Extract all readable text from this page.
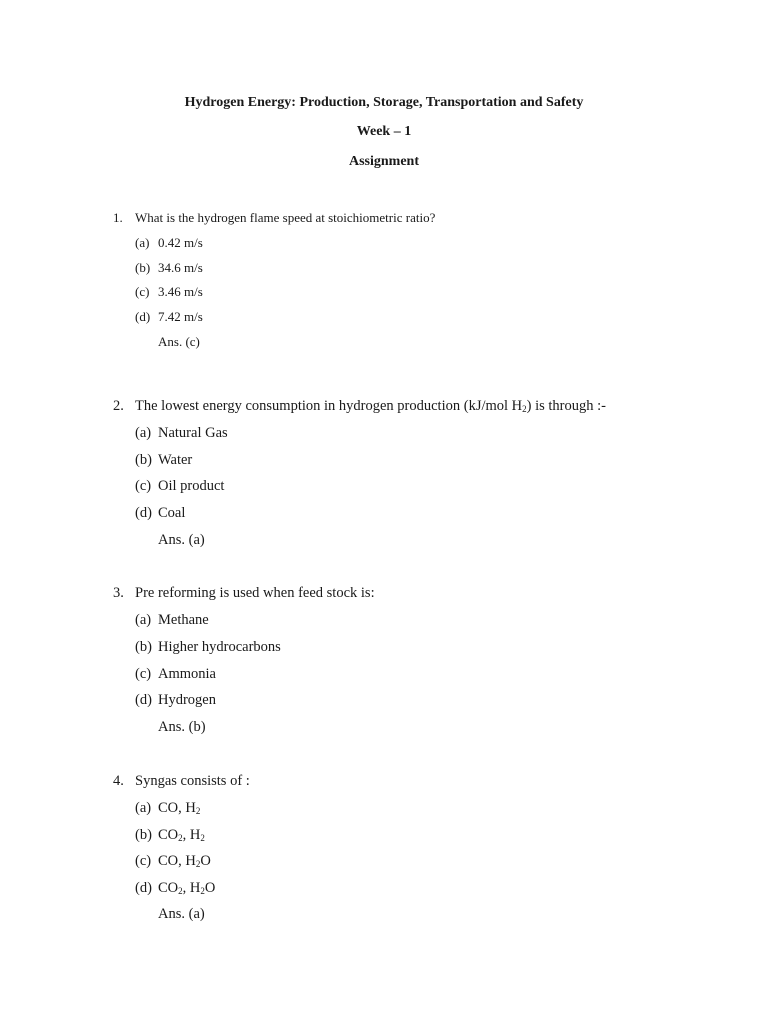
Hydrogen Energy: Production, Storage, Transportation and Safety
Week – 1
Assignment
1. What is the hydrogen flame speed at stoichiometric ratio?
(a) 0.42 m/s
(b) 34.6 m/s
(c) 3.46 m/s
(d) 7.42 m/s
Ans. (c)
2. The lowest energy consumption in hydrogen production (kJ/mol $H_2$) is through :-
(a) Natural Gas
(b) Water
(c) Oil product
(d) Coal
Ans. (a)
3. Pre reforming is used when feed stock is:
(a) Methane
(b) Higher hydrocarbons
(c) Ammonia
(d) Hydrogen
Ans. (b)
4. Syngas consists of :
(a) CO, $H_2$
(b) $CO_2$, $H_2$
(c) CO, $H_2O$
(d) $CO_2$, $H_2O$
Ans. (a)
